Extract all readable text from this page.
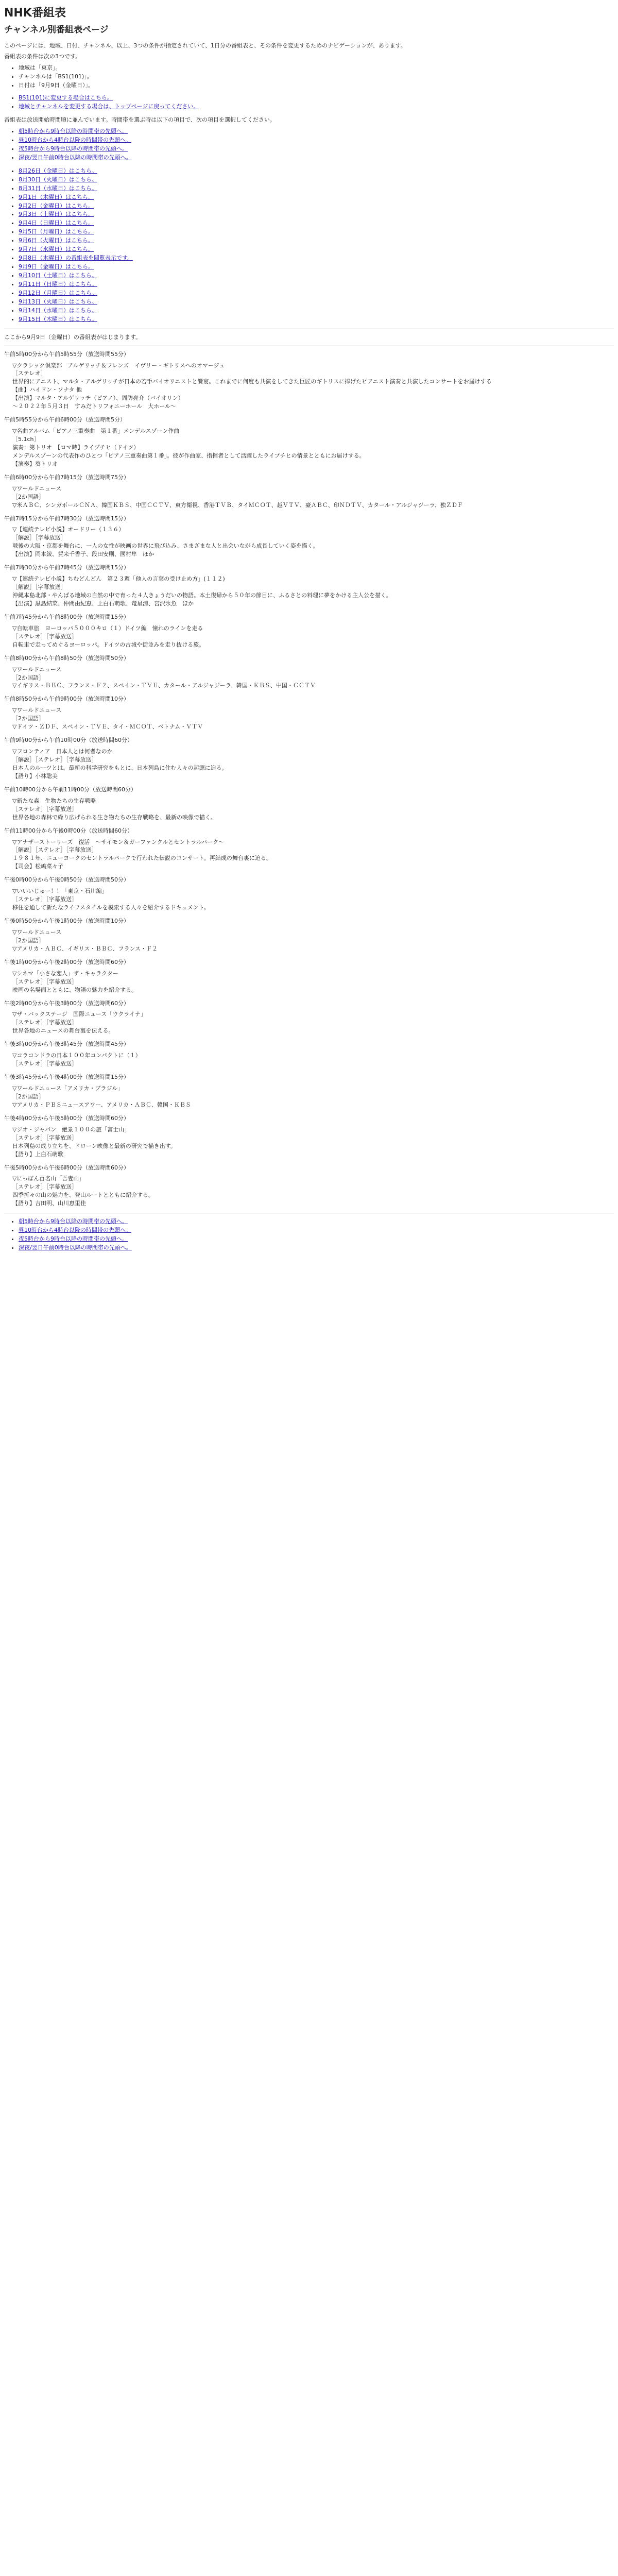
NHK番組表
チャンネル別番組表ページ

このページには、地域、日付、チャンネル、以上、3つの条件が指定されていて、1日分の番組表と、その条件を変更するためのナビゲーションが、あります。

番組表の条件は次の3つです。

• 地域は「東京」。
• チャンネルは「BS1(101)」。
• 日付は「9月9日（金曜日）」。
• BS1(101)に変更する場合はこちら。
• 地域とチャンネルを変更する場合は、トップページに戻ってください。

番組表は放送開始時間順に並んでいます。時間帯を選ぶ時は以下の項目で、次の項目を選択してください。

• 朝5時台から9時台以降の時間帯の先頭へ。
• 昼10時台から4時台以降の時間帯の先頭へ。
• 夜5時台から9時台以降の時間帯の先頭へ。
• 深夜/翌日午前0時台以降の時間帯の先頭へ。
• 8月26日（金曜日）はこちら。
• 8月30日（火曜日）はこちら。
• 8月31日（水曜日）はこちら。
• 9月1日（木曜日）はこちら。
• 9月2日（金曜日）はこちら。
• 9月3日（土曜日）はこちら。
• 9月4日（日曜日）はこちら。
• 9月5日（月曜日）はこちら。
• 9月6日（火曜日）はこちら。
• 9月7日（水曜日）はこちら。
• 9月8日（木曜日）の番組表を閲覧表示です。
• 9月9日（金曜日）はこちら。
• 9月10日（土曜日）はこちら。
• 9月11日（日曜日）はこちら。
• 9月12日（月曜日）はこちら。
• 9月13日（火曜日）はこちら。
• 9月14日（水曜日）はこちら。
• 9月15日（木曜日）はこちら。

ここから9月9日（金曜日）の番組表がはじまります。

午前5時00分から午前5時55分（放送時間55分）
▽クラシック倶楽部　アルゲリッチ＆フレンズ　イヴリー・ギトリスへのオマージュ
［ステレオ］
世界的にアニスト、マルタ・アルゲリッチが日本の若手バイオリニストと饗宴。これまでに何度も共演をしてきた巨匠のギトリスに捧げたピアニスト演奏と共演したコンサートをお届けする
【曲】ハイドン・ソナタ 他
【出演】マルタ・アルゲリッチ（ピアノ）、周防亮介（バイオリン）
〜２０２２年５月３日　すみだトリフォニーホール　大ホール〜
午前5時55分から午前6時00分（放送時間5分）
▽名曲アルバム「ピアノ三重奏曲　第１番」メンデルスゾーン作曲
［5.1ch］
演奏：第トリオ　【ロマ時】ライプチヒ（ドイツ）
メンデルスゾーンの代表作のひとつ「ピアノ三重奏曲第１番」。彼が作曲家、指揮者として活躍したライプチヒの情景とともにお届けする。
【演奏】葵トリオ
午前6時00分から午前7時15分（放送時間75分）
▽ワールドニュース
［2か国語］
▽米ＡＢＣ、シンガポールＣＮＡ、韓国ＫＢＳ、中国ＣＣＴＶ、東方衛視、香港ＴＶＢ、タイＭＣＯＴ、越ＶＴＶ、豪ＡＢＣ、印ＮＤＴＶ、カタール・アルジャジーラ、独ＺＤＦ
午前7時15分から午前7時30分（放送時間15分）
▽【連続テレビ小説】オードリー（１３６）
［解説］［字幕放送］
戦後の大阪・京都を舞台に、一人の女性が映画の世界に飛び込み、さまざまな人と出会いながら成長していく姿を描く。
【出演】岡本綾、賀来千香子、段田安則、國村隼　ほか
午前7時30分から午前7時45分（放送時間15分）
▽【連続テレビ小説】ちむどんどん　第２３週「他人の言葉の受け止め方」(１１２)
［解説］［字幕放送］
沖縄本島北部・やんばる地域の自然の中で育った４人きょうだいの物語。本土復帰から５０年の節目に、ふるさとの料理に夢をかける主人公を描く。
【出演】黒島結菜、仲間由紀恵、上白石萌歌、竜星涼、宮沢氷魚　ほか
午前7時45分から午前8時00分（放送時間15分）
▽自転車旅　ヨーロッパ５０００キロ（１）ドイツ編　憧れのラインを走る
［ステレオ］［字幕放送］
自転車で走ってめぐるヨーロッパ。ドイツの古城や街並みを走り抜ける旅。
午前8時00分から午前8時50分（放送時間50分）
▽ワールドニュース
［2か国語］
▽イギリス・ＢＢＣ、フランス・Ｆ２、スペイン・ＴＶＥ、カタール・アルジャジーラ、韓国・ＫＢＳ、中国・ＣＣＴＶ
午前8時50分から午前9時00分（放送時間10分）
▽ワールドニュース
［2か国語］
▽ドイツ・ＺＤＦ、スペイン・ＴＶＥ、タイ・ＭＣＯＴ、ベトナム・ＶＴＶ
午前9時00分から午前10時00分（放送時間60分）
▽フロンティア　日本人とは何者なのか
［解説］［ステレオ］［字幕放送］
日本人のルーツとは。最新の科学研究をもとに、日本列島に住む人々の起源に迫る。
【語り】小林聡美
午前10時00分から午前11時00分（放送時間60分）
▽新たな森　生物たちの生存戦略
［ステレオ］［字幕放送］
世界各地の森林で繰り広げられる生き物たちの生存戦略を、最新の映像で描く。
午前11時00分から午後0時00分（放送時間60分）
▽アナザーストーリーズ　復活　〜サイモン＆ガーファンクルとセントラルパーク〜
［解説］［ステレオ］［字幕放送］
１９８１年、ニューヨークのセントラルパークで行われた伝説のコンサート。再結成の舞台裏に迫る。
【司会】松嶋菜々子
午後0時00分から午後0時50分（放送時間50分）
▽いいいじゅー！！「東京・石川編」
［ステレオ］［字幕放送］
移住を通して新たなライフスタイルを模索する人々を紹介するドキュメント。
午後0時50分から午後1時00分（放送時間10分）
▽ワールドニュース
［2か国語］
▽アメリカ・ＡＢＣ、イギリス・ＢＢＣ、フランス・Ｆ２
午後1時00分から午後2時00分（放送時間60分）
▽シネマ「小さな恋人」ザ・キャラクター
［ステレオ］［字幕放送］
映画の名場面とともに、物語の魅力を紹介する。
午後2時00分から午後3時00分（放送時間60分）
▽ザ・バックステージ　国際ニュース「ウクライナ」
［ステレオ］［字幕放送］
世界各地のニュースの舞台裏を伝える。
午後3時00分から午後3時45分（放送時間45分）
▽コラコンドラの日本１００年コンパクトに（１）
［ステレオ］［字幕放送］
午後3時45分から午後4時00分（放送時間15分）
▽ワールドニュース「アメリカ・ブラジル」
［2か国語］
▽アメリカ・ＰＢＳニュースアワー、アメリカ・ＡＢＣ、韓国・ＫＢＳ
午後4時00分から午後5時00分（放送時間60分）
▽ジオ・ジャパン　絶景１００の旅「富士山」
［ステレオ］［字幕放送］
日本列島の成り立ちを、ドローン映像と最新の研究で描き出す。
【語り】上白石萌歌
午後5時00分から午後6時00分（放送時間60分）
▽にっぽん百名山「吾妻山」
［ステレオ］［字幕放送］
四季折々の山の魅力を、登山ルートとともに紹介する。
【語り】吉田明、山川恵里佳
• 朝5時台から9時台以降の時間帯の先頭へ。
• 昼10時台から4時台以降の時間帯の先頭へ。
• 夜5時台から9時台以降の時間帯の先頭へ。
• 深夜/翌日午前0時台以降の時間帯の先頭へ。
